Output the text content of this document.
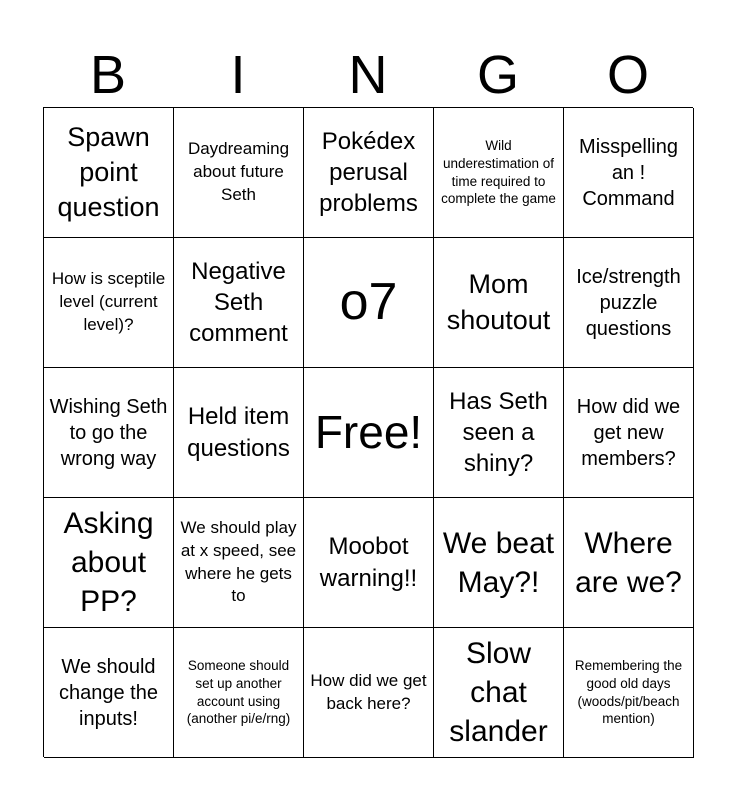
B	I	N	G	O
Spawn point question
Daydreaming about future Seth
Pokédex perusal problems
Wild underestimation of time required to complete the game
Misspelling an ! Command
How is sceptile level (current level)?
Negative Seth comment
o7	Mom shoutout
Ice/strength puzzle questions
Wishing Seth to go the wrong way
Held item questions Free!
Has Seth seen a shiny?
How did we get new members?
Asking about PP?
We should play at x speed, see where he gets to
Moobot warning!!
We beat May?!
Where are we?
We should change the inputs!
Someone should set up another account using (another pi/e/rng)
How did we get back here?
Slow chat slander
Remembering the good old days (woods/pit/beach mention)
